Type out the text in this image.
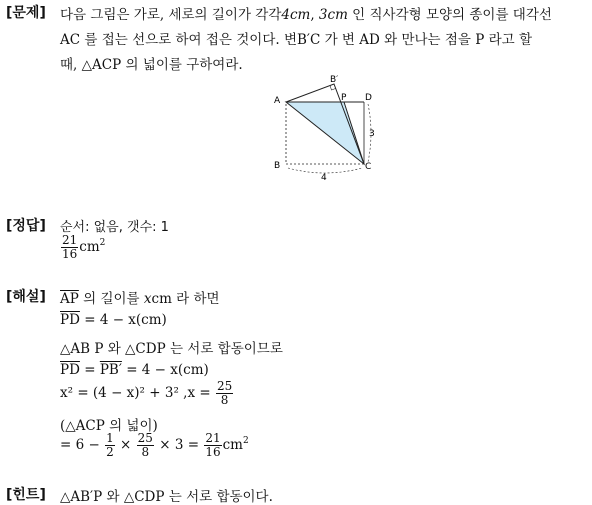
[문제] 다음 그림은 가로, 세로의 길이가 각각4cm, 3cm 인 직사각형 모양의 종이를 대각선
AC 를 접는 선으로 하여 접은 것이다. 변B′C 가 변 AD 와 만나는 점을 P 라고 할
때, △ACP 의 넓이를 구하여라.
A
B′
P D
B	C
3
4
[정답] 순서: 없음, 갯수: 1
$\frac{21}{16} cm^2$
[해설] $\overline{AP}$ 의 길이를 xcm 라 하면
$\overline{PD} = 4 - x(cm)$
△AB P 와 △CDP 는 서로 합동이므로
$\overline{PD} = PB' = 4 - x(cm)$
x² = (4 − x)² + 3² $,x = \frac{25}{8}$
(△ACP 의 넓이)
= $6 - \frac{1}{2} \times \frac{25}{8} \times 3 = \frac{21}{16} cm^2$
[힌트] △AB′P 와 △CDP 는 서로 합동이다.
